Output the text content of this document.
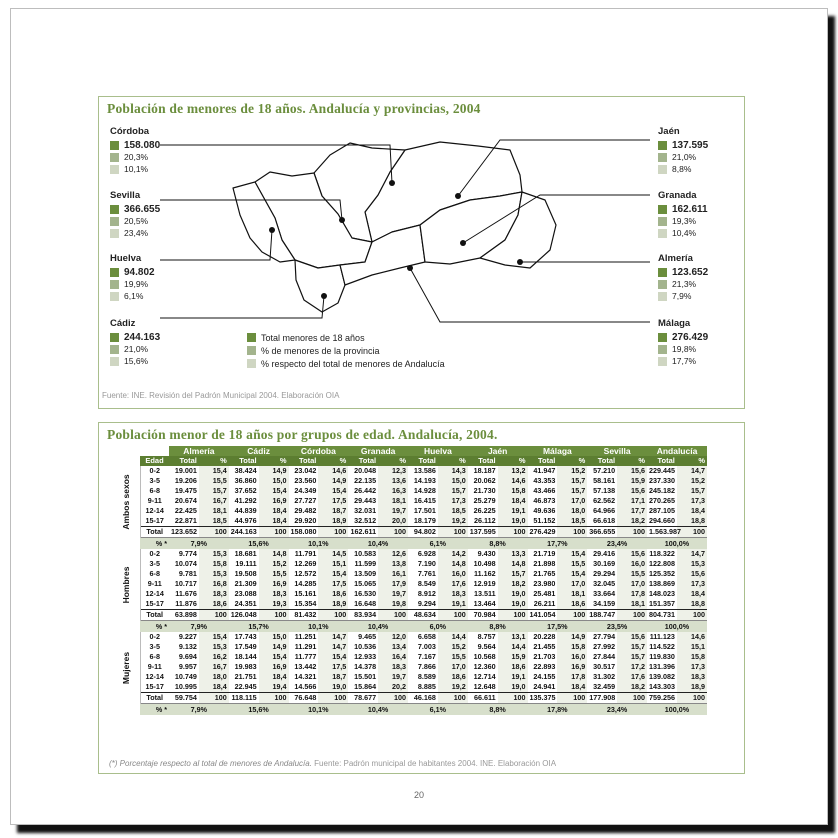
Población de menores de 18 años. Andalucía y provincias, 2004
Fuente: INE. Revisión del Padrón Municipal 2004. Elaboración OIA
Córdoba
158.080
20,3%
10,1%
Sevilla
366.655
20,5%
23,4%
Huelva
94.802
19,9%
6,1%
Cádiz
244.163
21,0%
15,6%
Jaén
137.595
21,0%
8,8%
Granada
162.611
19,3%
10,4%
Almería
123.652
21,3%
7,9%
Málaga
276.429
19,8%
17,7%
Total menores de 18 años
% de menores de la provincia
% respecto del total de menores de Andalucía
Población menor de 18 años por grupos de edad. Andalucía, 2004.
(*) Porcentaje respecto al total de menores de Andalucía. Fuente: Padrón municipal de habitantes 2004. INE. Elaboración OIA
		Almería		Cádiz		Córdoba		Granada		Huelva		Jaén		Málaga		Sevilla		Andalucía	
	Edad	Total	%	Total	%	Total	%	Total	%	Total	%	Total	%	Total	%	Total	%	Total	%

Ambos sexos	0-2	19.001	15,4	38.424	14,9	23.042	14,6	20.048	12,3	13.586	14,3	18.187	13,2	41.947	15,2	57.210	15,6	229.445	14,7
	3-5	19.206	15,5	36.860	15,0	23.560	14,9	22.135	13,6	14.193	15,0	20.062	14,6	43.353	15,7	58.161	15,9	237.330	15,2
	6-8	19.475	15,7	37.652	15,4	24.349	15,4	26.442	16,3	14.928	15,7	21.730	15,8	43.466	15,7	57.138	15,6	245.182	15,7
	9-11	20.674	16,7	41.292	16,9	27.727	17,5	29.443	18,1	16.415	17,3	25.279	18,4	46.873	17,0	62.562	17,1	270.265	17,3
	12-14	22.425	18,1	44.839	18,4	29.482	18,7	32.031	19,7	17.501	18,5	26.225	19,1	49.636	18,0	64.966	17,7	287.105	18,4
	15-17	22.871	18,5	44.976	18,4	29.920	18,9	32.512	20,0	18.179	19,2	26.112	19,0	51.152	18,5	66.618	18,2	294.660	18,8
	Total	123.652	100	244.163	100	158.080	100	162.611	100	94.802	100	137.595	100	276.429	100	366.655	100	1.563.987	100
	% *	7,9%		15,6%		10,1%		10,4%		6,1%		8,8%		17,7%		23,4%		100,0%	

Hombres	0-2	9.774	15,3	18.681	14,8	11.791	14,5	10.583	12,6	6.928	14,2	9.430	13,3	21.719	15,4	29.416	15,6	118.322	14,7
	3-5	10.074	15,8	19.111	15,2	12.269	15,1	11.599	13,8	7.190	14,8	10.498	14,8	21.898	15,5	30.169	16,0	122.808	15,3
	6-8	9.781	15,3	19.508	15,5	12.572	15,4	13.509	16,1	7.761	16,0	11.162	15,7	21.765	15,4	29.294	15,5	125.352	15,6
	9-11	10.717	16,8	21.309	16,9	14.285	17,5	15.065	17,9	8.549	17,6	12.919	18,2	23.980	17,0	32.045	17,0	138.869	17,3
	12-14	11.676	18,3	23.088	18,3	15.161	18,6	16.530	19,7	8.912	18,3	13.511	19,0	25.481	18,1	33.664	17,8	148.023	18,4
	15-17	11.876	18,6	24.351	19,3	15.354	18,9	16.648	19,8	9.294	19,1	13.464	19,0	26.211	18,6	34.159	18,1	151.357	18,8
	Total	63.898	100	126.048	100	81.432	100	83.934	100	48.634	100	70.984	100	141.054	100	188.747	100	804.731	100
	% *	7,9%		15,7%		10,1%		10,4%		6,0%		8,8%		17,5%		23,5%		100,0%	

Mujeres	0-2	9.227	15,4	17.743	15,0	11.251	14,7	9.465	12,0	6.658	14,4	8.757	13,1	20.228	14,9	27.794	15,6	111.123	14,6
	3-5	9.132	15,3	17.549	14,9	11.291	14,7	10.536	13,4	7.003	15,2	9.564	14,4	21.455	15,8	27.992	15,7	114.522	15,1
	6-8	9.694	16,2	18.144	15,4	11.777	15,4	12.933	16,4	7.167	15,5	10.568	15,9	21.703	16,0	27.844	15,7	119.830	15,8
	9-11	9.957	16,7	19.983	16,9	13.442	17,5	14.378	18,3	7.866	17,0	12.360	18,6	22.893	16,9	30.517	17,2	131.396	17,3
	12-14	10.749	18,0	21.751	18,4	14.321	18,7	15.501	19,7	8.589	18,6	12.714	19,1	24.155	17,8	31.302	17,6	139.082	18,3
	15-17	10.995	18,4	22.945	19,4	14.566	19,0	15.864	20,2	8.885	19,2	12.648	19,0	24.941	18,4	32.459	18,2	143.303	18,9
	Total	59.754	100	118.115	100	76.648	100	78.677	100	46.168	100	66.611	100	135.375	100	177.908	100	759.256	100
	% *	7,9%		15,6%		10,1%		10,4%		6,1%		8,8%		17,8%		23,4%		100,0%	
20
